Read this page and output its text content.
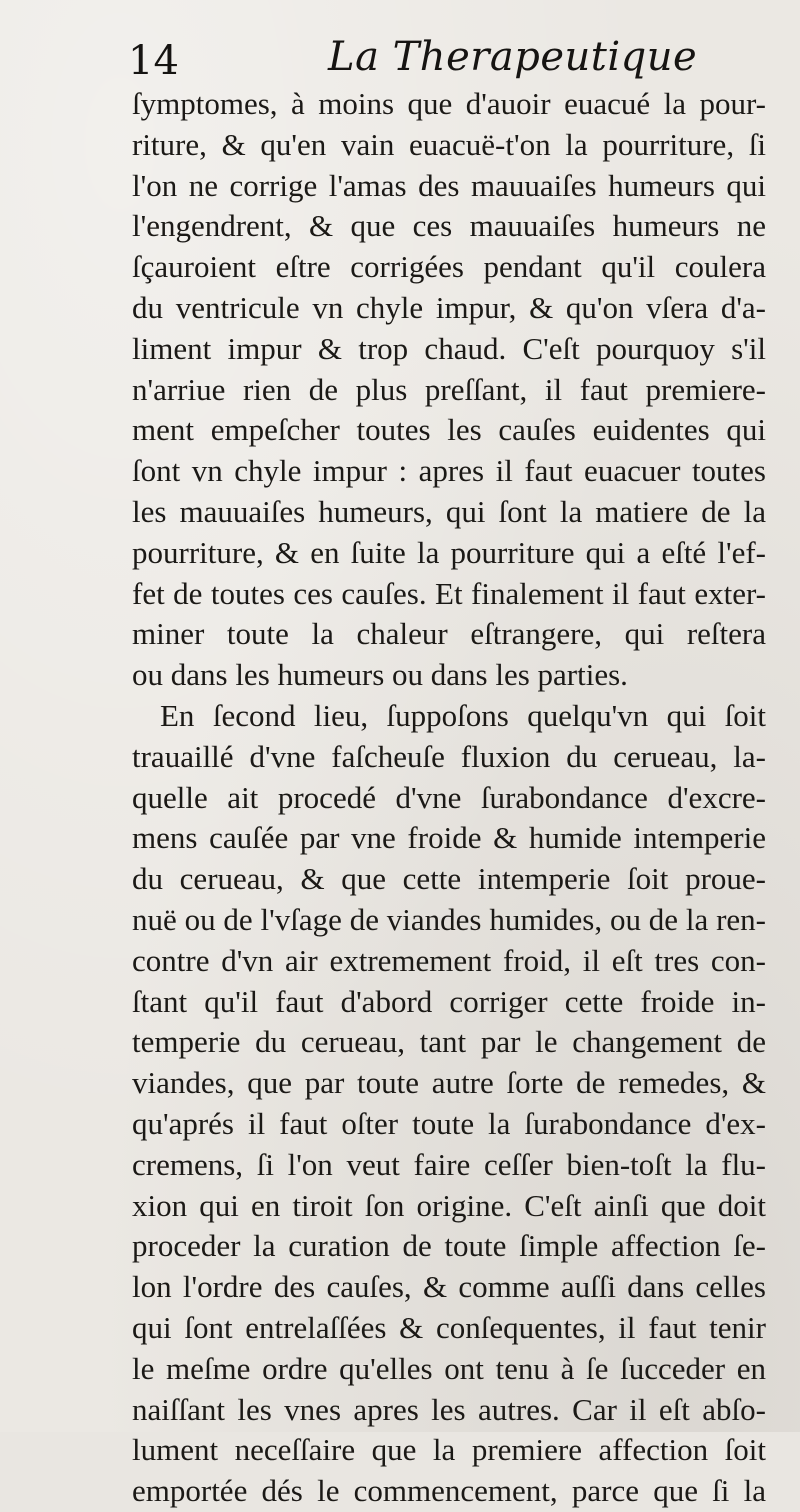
14	La Therapeutique
ſymptomes, à moins que d'auoir euacué la pour-
riture, & qu'en vain euacuë-t'on la pourriture, ſi
l'on ne corrige l'amas des mauuaiſes humeurs qui
l'engendrent, & que ces mauuaiſes humeurs ne
ſçauroient eſtre corrigées pendant qu'il coulera
du ventricule vn chyle impur, & qu'on vſera d'a-
liment impur & trop chaud. C'eſt pourquoy s'il
n'arriue rien de plus preſſant, il faut premiere-
ment empeſcher toutes les cauſes euidentes qui
ſont vn chyle impur : apres il faut euacuer toutes
les mauuaiſes humeurs, qui ſont la matiere de la
pourriture, & en ſuite la pourriture qui a eſté l'ef-
fet de toutes ces cauſes. Et finalement il faut exter-
miner toute la chaleur eſtrangere, qui reſtera
ou dans les humeurs ou dans les parties.
En ſecond lieu, ſuppoſons quelqu'vn qui ſoit
trauaillé d'vne faſcheuſe fluxion du cerueau, la-
quelle ait procedé d'vne ſurabondance d'excre-
mens cauſée par vne froide & humide intemperie
du cerueau, & que cette intemperie ſoit proue-
nuë ou de l'vſage de viandes humides, ou de la ren-
contre d'vn air extremement froid, il eſt tres con-
ſtant qu'il faut d'abord corriger cette froide in-
temperie du cerueau, tant par le changement de
viandes, que par toute autre ſorte de remedes, &
qu'aprés il faut oſter toute la ſurabondance d'ex-
cremens, ſi l'on veut faire ceſſer bien-toſt la flu-
xion qui en tiroit ſon origine. C'eſt ainſi que doit
proceder la curation de toute ſimple affection ſe-
lon l'ordre des cauſes, & comme auſſi dans celles
qui ſont entrelaſſées & conſequentes, il faut tenir
le meſme ordre qu'elles ont tenu à ſe ſucceder en
naiſſant les vnes apres les autres. Car il eſt abſo-
lument neceſſaire que la premiere affection ſoit
emportée dés le commencement, parce que ſi la
